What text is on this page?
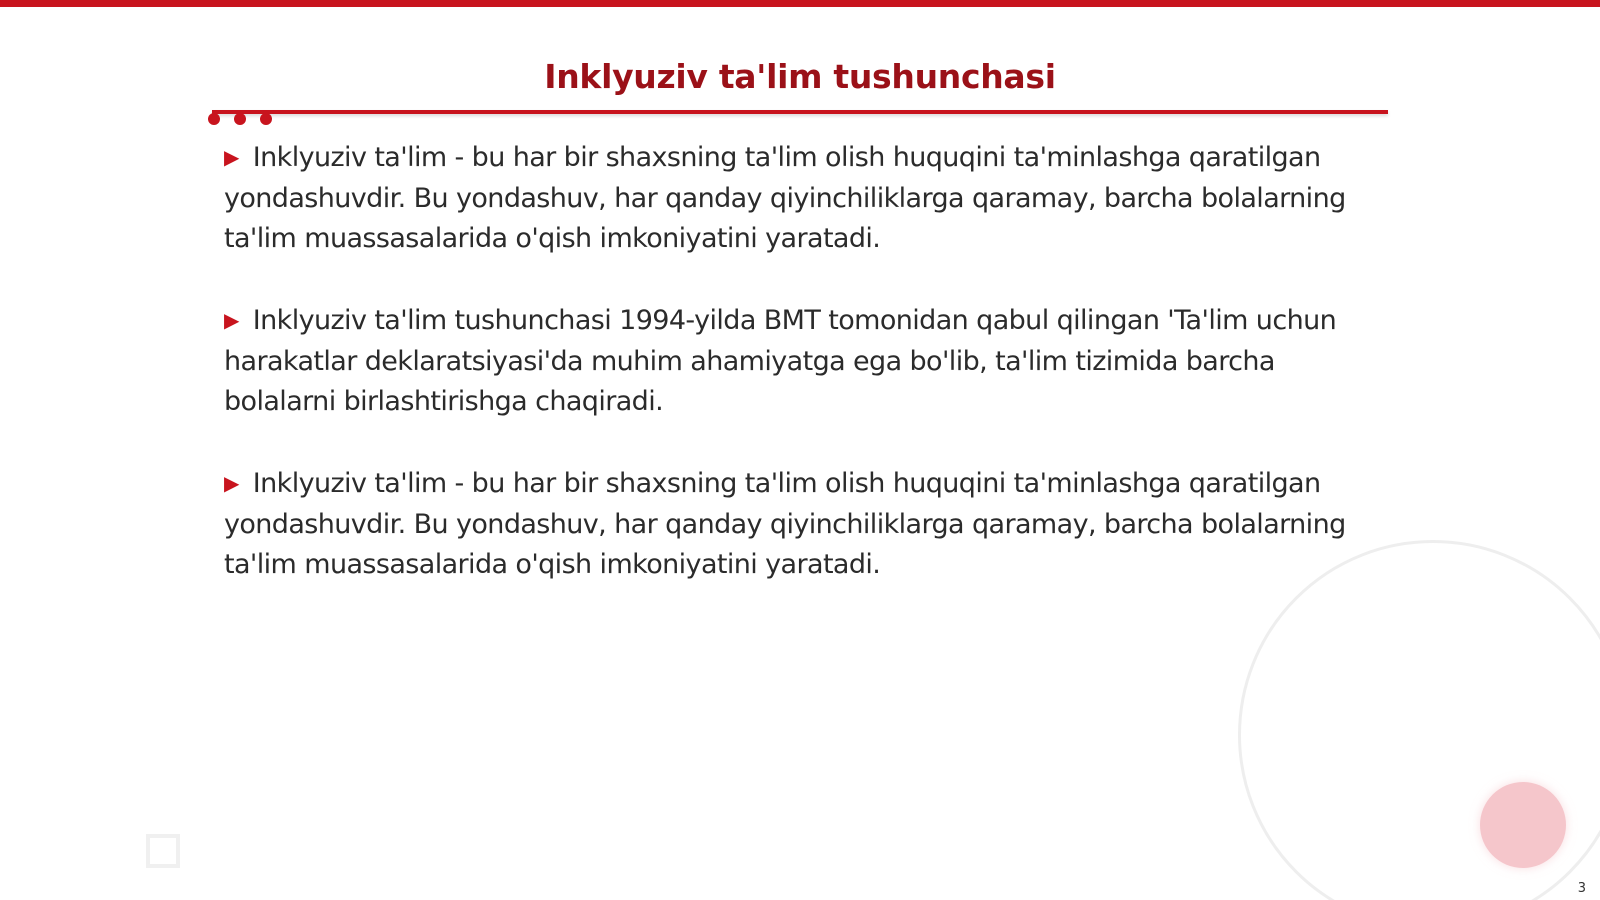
Inklyuziv ta'lim tushunchasi

▶ Inklyuziv ta'lim - bu har bir shaxsning ta'lim olish huquqini ta'minlashga qaratilgan yondashuvdir. Bu yondashuv, har qanday qiyinchiliklarga qaramay, barcha bolalarning ta'lim muassasalarida o'qish imkoniyatini yaratadi.

▶ Inklyuziv ta'lim tushunchasi 1994-yilda BMT tomonidan qabul qilingan 'Ta'lim uchun harakatlar deklaratsiyasi'da muhim ahamiyatga ega bo'lib, ta'lim tizimida barcha bolalarni birlashtirishga chaqiradi.

▶ Inklyuziv ta'lim - bu har bir shaxsning ta'lim olish huquqini ta'minlashga qaratilgan yondashuvdir. Bu yondashuv, har qanday qiyinchiliklarga qaramay, barcha bolalarning ta'lim muassasalarida o'qish imkoniyatini yaratadi.

3
